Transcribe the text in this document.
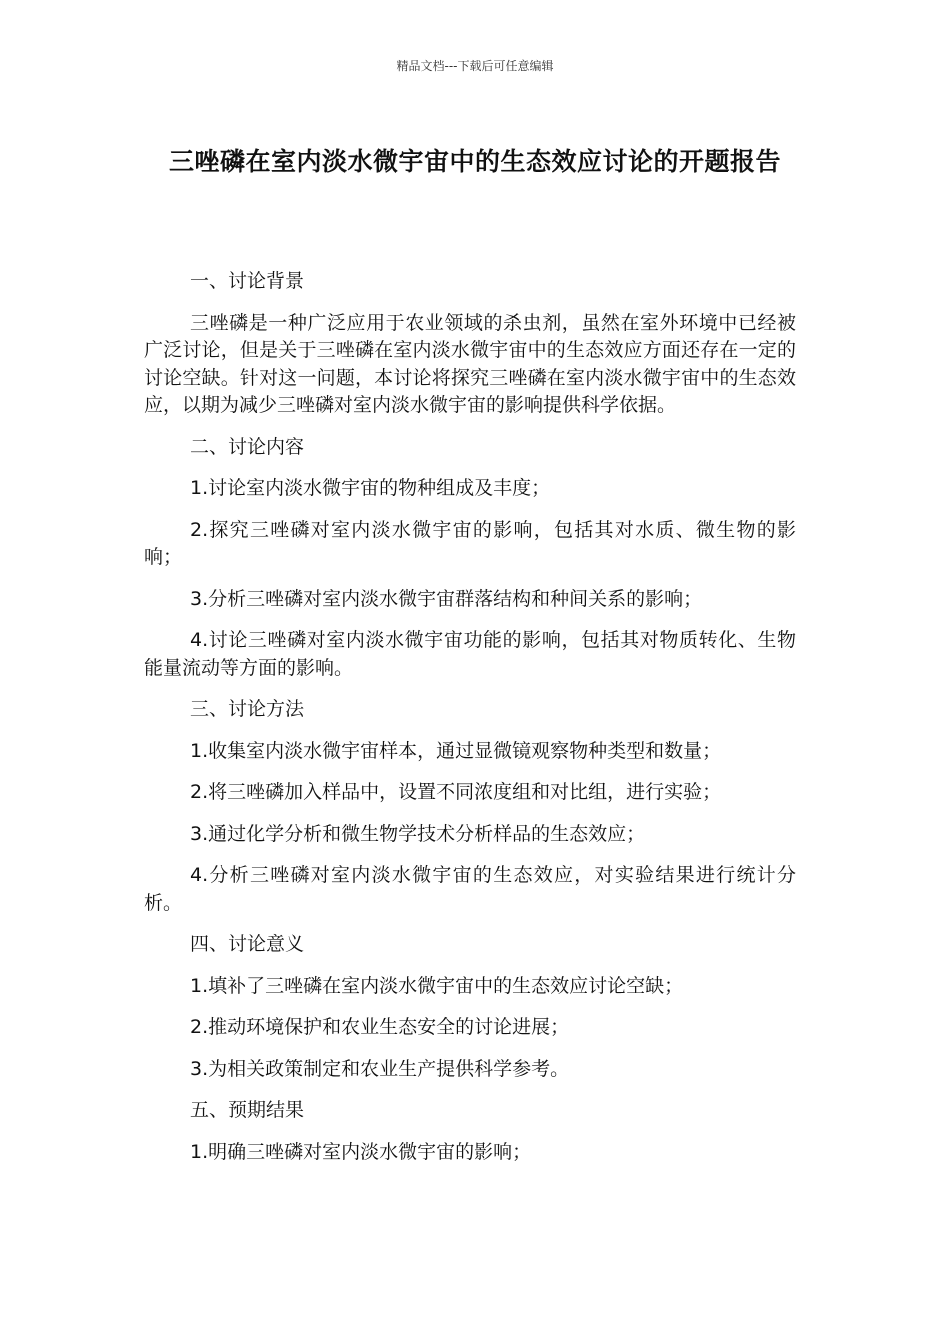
精品文档---下载后可任意编辑
三唑磷在室内淡水微宇宙中的生态效应讨论的开题报告

一、讨论背景

三唑磷是一种广泛应用于农业领域的杀虫剂，虽然在室外环境中已经被广泛讨论，但是关于三唑磷在室内淡水微宇宙中的生态效应方面还存在一定的讨论空缺。针对这一问题，本讨论将探究三唑磷在室内淡水微宇宙中的生态效应，以期为减少三唑磷对室内淡水微宇宙的影响提供科学依据。

二、讨论内容

1.讨论室内淡水微宇宙的物种组成及丰度；

2.探究三唑磷对室内淡水微宇宙的影响，包括其对水质、微生物的影响；

3.分析三唑磷对室内淡水微宇宙群落结构和种间关系的影响；

4.讨论三唑磷对室内淡水微宇宙功能的影响，包括其对物质转化、生物能量流动等方面的影响。

三、讨论方法

1.收集室内淡水微宇宙样本，通过显微镜观察物种类型和数量；

2.将三唑磷加入样品中，设置不同浓度组和对比组，进行实验；

3.通过化学分析和微生物学技术分析样品的生态效应；

4.分析三唑磷对室内淡水微宇宙的生态效应，对实验结果进行统计分析。

四、讨论意义

1.填补了三唑磷在室内淡水微宇宙中的生态效应讨论空缺；

2.推动环境保护和农业生态安全的讨论进展；

3.为相关政策制定和农业生产提供科学参考。

五、预期结果

1.明确三唑磷对室内淡水微宇宙的影响；
